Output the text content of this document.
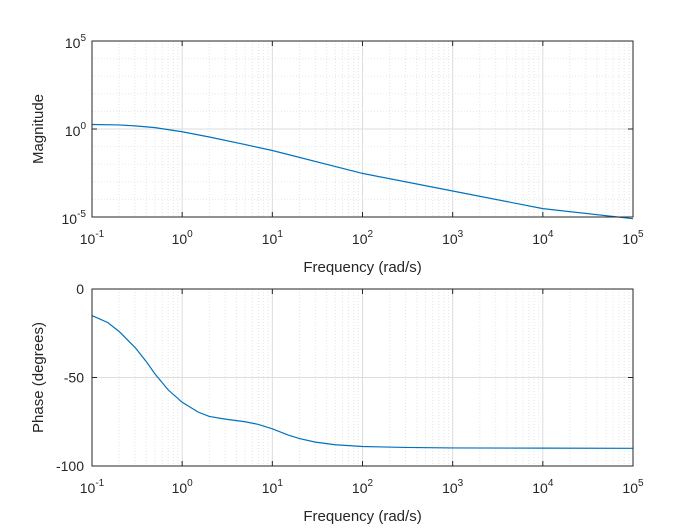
$10^{-1}$	$10^0$	$10^1$	$10^2$	$10^3$	$10^4$	$10^5$
$10^{-5}$
$10^0$
$10^5$
Frequency (rad/s)
Magnitude
$10^{-1}$	$10^0$	$10^1$	$10^2$	$10^3$	$10^4$	$10^5$
-100
-50
0
Frequency (rad/s)
Phase (degrees)
